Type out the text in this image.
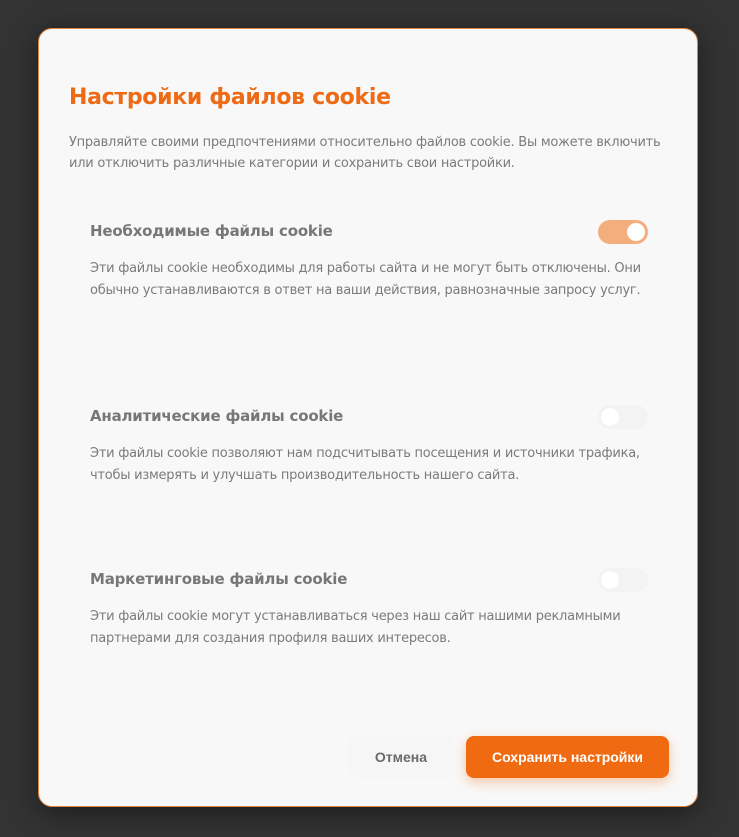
Настройки файлов cookie

Управляйте своими предпочтениями относительно файлов cookie. Вы можете включить или отключить различные категории и сохранить свои настройки.

Необходимые файлы cookie

Эти файлы cookie необходимы для работы сайта и не могут быть отключены. Они обычно устанавливаются в ответ на ваши действия, равнозначные запросу услуг.

Аналитические файлы cookie

Эти файлы cookie позволяют нам подсчитывать посещения и источники трафика, чтобы измерять и улучшать производительность нашего сайта.

Маркетинговые файлы cookie

Эти файлы cookie могут устанавливаться через наш сайт нашими рекламными партнерами для создания профиля ваших интересов.

Отмена	Сохранить настройки
